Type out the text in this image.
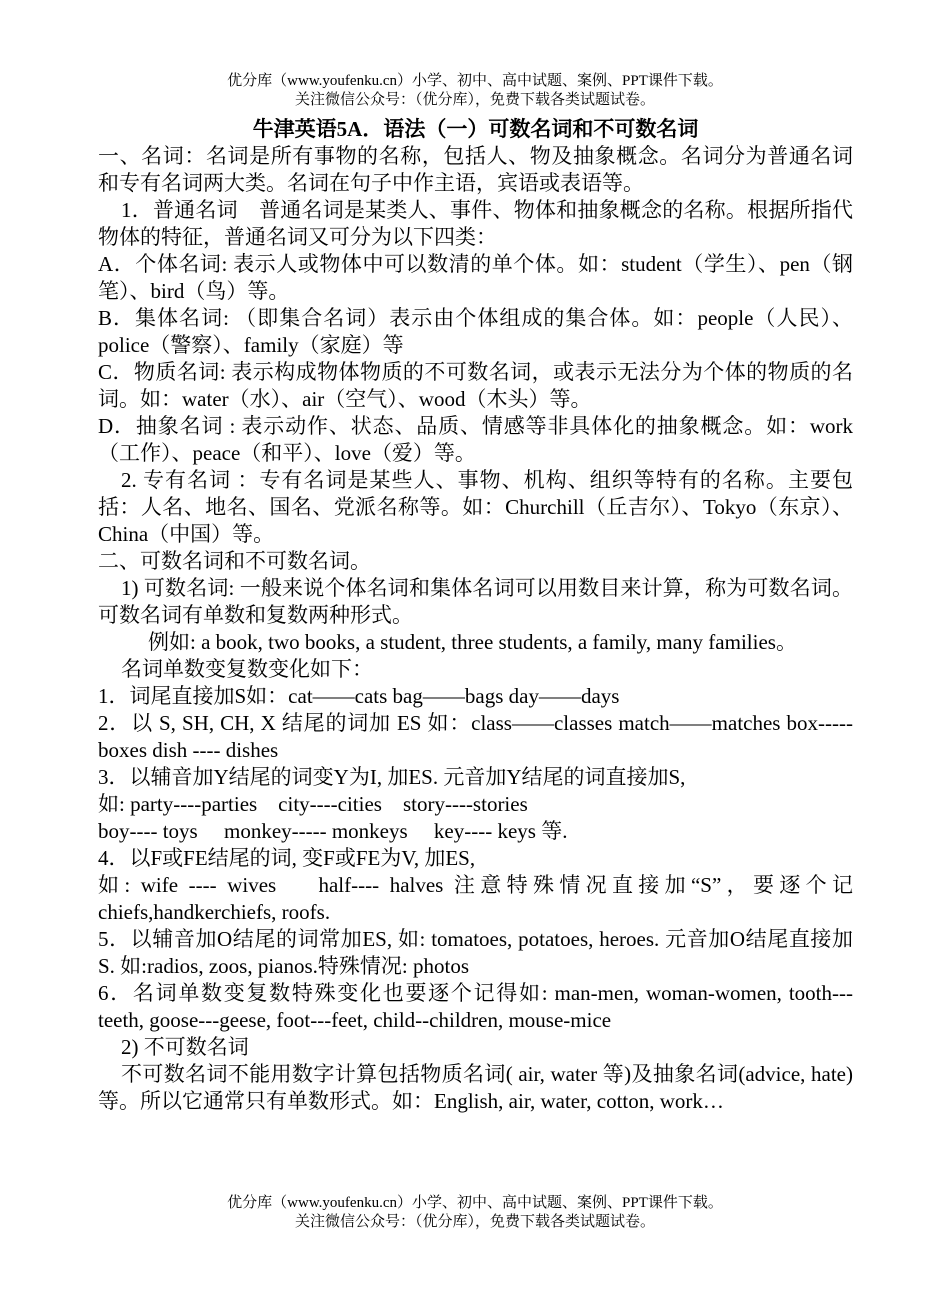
优分库（www.youfenku.cn）小学、初中、高中试题、案例、PPT课件下载。
关注微信公众号：（优分库），免费下载各类试题试卷。
牛津英语5A．语法（一）可数名词和不可数名词

一、名词：名词是所有事物的名称，包括人、物及抽象概念。名词分为普通名词和专有名词两大类。名词在句子中作主语，宾语或表语等。

1．普通名词　普通名词是某类人、事件、物体和抽象概念的名称。根据所指代物体的特征，普通名词又可分为以下四类：

A．个体名词: 表示人或物体中可以数清的单个体。如：student（学生）、pen（钢笔）、bird（鸟）等。

B．集体名词: （即集合名词）表示由个体组成的集合体。如：people（人民）、police（警察）、family（家庭）等

C．物质名词: 表示构成物体物质的不可数名词，或表示无法分为个体的物质的名词。如：water（水）、air（空气）、wood（木头）等。

D．抽象名词 : 表示动作、状态、品质、情感等非具体化的抽象概念。如：work（工作）、peace（和平）、love（爱）等。

2. 专有名词 ：专有名词是某些人、事物、机构、组织等特有的名称。主要包括：人名、地名、国名、党派名称等。如：Churchill（丘吉尔）、Tokyo（东京）、China（中国）等。

二、可数名词和不可数名词。

1) 可数名词: 一般来说个体名词和集体名词可以用数目来计算，称为可数名词。可数名词有单数和复数两种形式。

例如: a book, two books, a student, three students, a family, many families。

名词单数变复数变化如下：

1．词尾直接加S如：cat——cats bag——bags day——days

2．以 S, SH, CH, X 结尾的词加 ES 如：class——classes match——matches box----- boxes dish ---- dishes

3．以辅音加Y结尾的词变Y为I, 加ES. 元音加Y结尾的词直接加S,

如: party----parties　city----cities　story----stories

boy---- toys　 monkey----- monkeys　 key---- keys 等.

4．以F或FE结尾的词, 变F或FE为V, 加ES,

如: wife ---- wives　 half---- halves 注意特殊情况直接加“S”，要逐个记chiefs,handkerchiefs, roofs.

5．以辅音加O结尾的词常加ES, 如: tomatoes, potatoes, heroes. 元音加O结尾直接加S. 如:radios, zoos, pianos.特殊情况: photos

6．名词单数变复数特殊变化也要逐个记得如: man-men, woman-women, tooth---teeth, goose---geese, foot---feet, child--children, mouse-mice

2) 不可数名词

不可数名词不能用数字计算包括物质名词( air, water 等)及抽象名词(advice, hate)等。所以它通常只有单数形式。如：English, air, water, cotton, work…

优分库（www.youfenku.cn）小学、初中、高中试题、案例、PPT课件下载。
关注微信公众号：（优分库），免费下载各类试题试卷。
